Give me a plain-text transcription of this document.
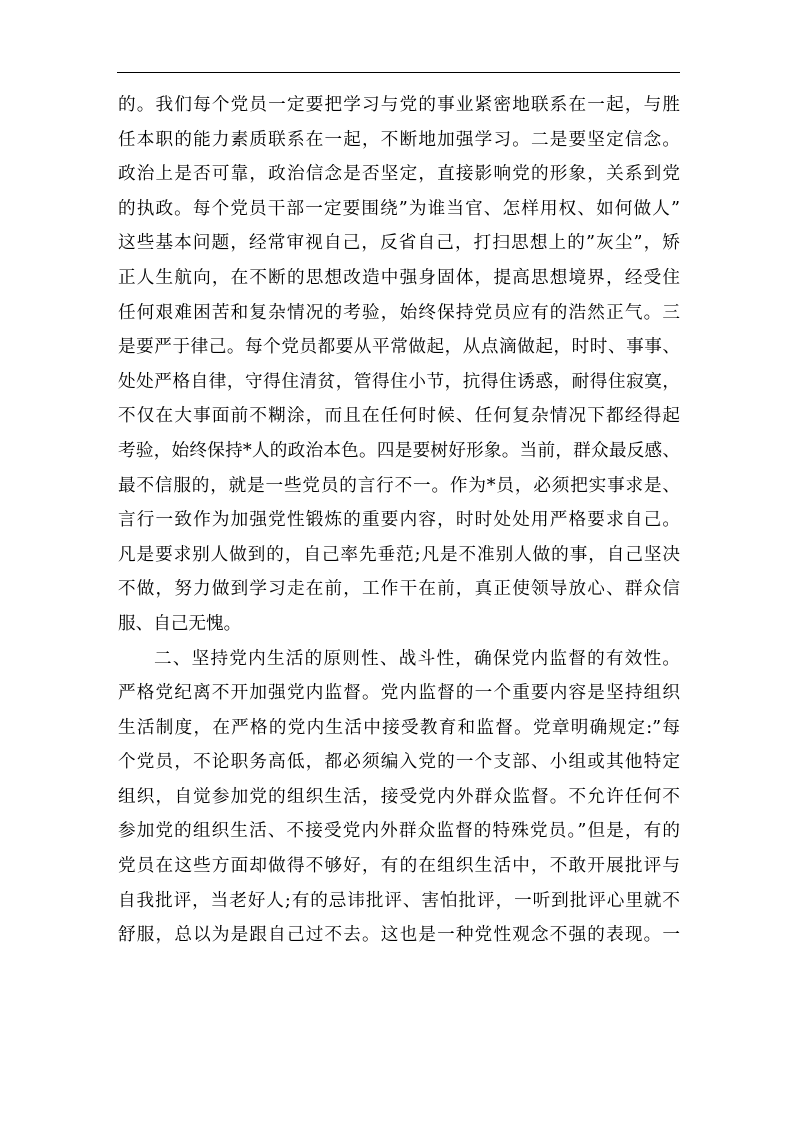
的。我们每个党员一定要把学习与党的事业紧密地联系在一起，与胜
任本职的能力素质联系在一起，不断地加强学习。二是要坚定信念。
政治上是否可靠，政治信念是否坚定，直接影响党的形象，关系到党
的执政。每个党员干部一定要围绕”为谁当官、怎样用权、如何做人”
这些基本问题，经常审视自己，反省自己，打扫思想上的”灰尘”，矫
正人生航向，在不断的思想改造中强身固体，提高思想境界，经受住
任何艰难困苦和复杂情况的考验，始终保持党员应有的浩然正气。三
是要严于律己。每个党员都要从平常做起，从点滴做起，时时、事事、
处处严格自律，守得住清贫，管得住小节，抗得住诱惑，耐得住寂寞，
不仅在大事面前不糊涂，而且在任何时候、任何复杂情况下都经得起
考验，始终保持*人的政治本色。四是要树好形象。当前，群众最反感、
最不信服的，就是一些党员的言行不一。作为*员，必须把实事求是、
言行一致作为加强党性锻炼的重要内容，时时处处用严格要求自己。
凡是要求别人做到的，自己率先垂范;凡是不准别人做的事，自己坚决
不做，努力做到学习走在前，工作干在前，真正使领导放心、群众信
服、自己无愧。
二、坚持党内生活的原则性、战斗性，确保党内监督的有效性。
严格党纪离不开加强党内监督。党内监督的一个重要内容是坚持组织
生活制度，在严格的党内生活中接受教育和监督。党章明确规定:”每
个党员，不论职务高低，都必须编入党的一个支部、小组或其他特定
组织，自觉参加党的组织生活，接受党内外群众监督。不允许任何不
参加党的组织生活、不接受党内外群众监督的特殊党员。”但是，有的
党员在这些方面却做得不够好，有的在组织生活中，不敢开展批评与
自我批评，当老好人;有的忌讳批评、害怕批评，一听到批评心里就不
舒服，总以为是跟自己过不去。这也是一种党性观念不强的表现。一
